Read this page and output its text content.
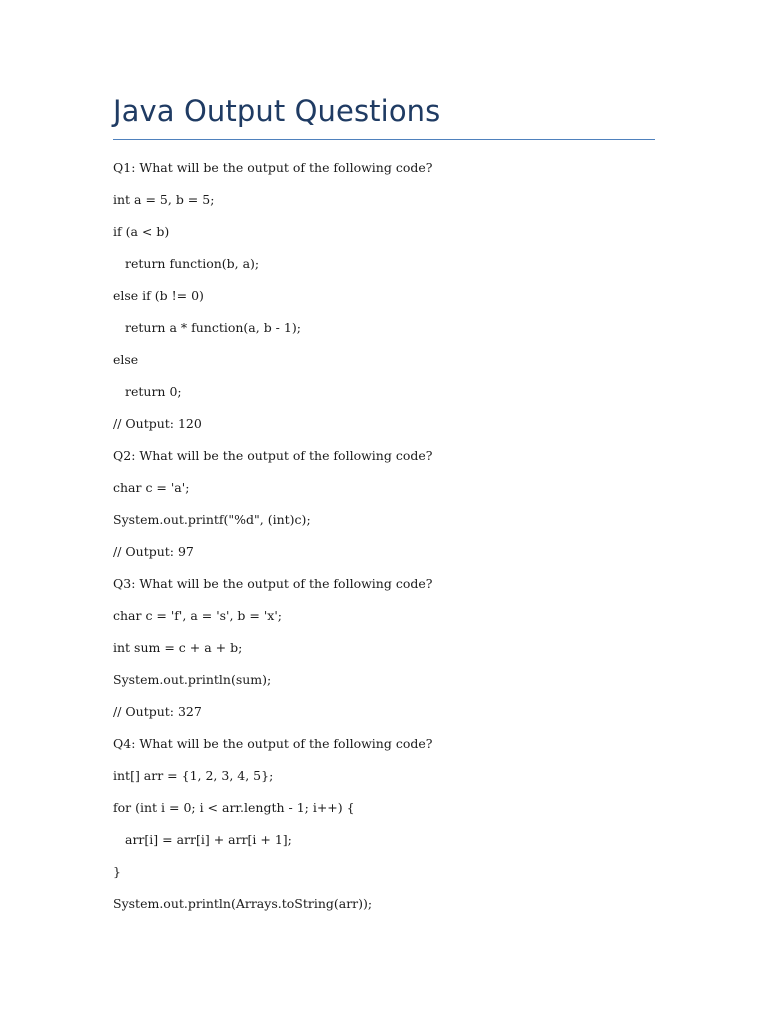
Java Output Questions
Q1: What will be the output of the following code?
int a = 5, b = 5;
if (a < b)
return function(b, a);
else if (b != 0)
return a * function(a, b - 1);
else
return 0;
// Output: 120
Q2: What will be the output of the following code?
char c = 'a';
System.out.printf("%d", (int)c);
// Output: 97
Q3: What will be the output of the following code?
char c = 'f', a = 's', b = 'x';
int sum = c + a + b;
System.out.println(sum);
// Output: 327
Q4: What will be the output of the following code?
int[] arr = {1, 2, 3, 4, 5};
for (int i = 0; i < arr.length - 1; i++) {
arr[i] = arr[i] + arr[i + 1];
}
System.out.println(Arrays.toString(arr));
